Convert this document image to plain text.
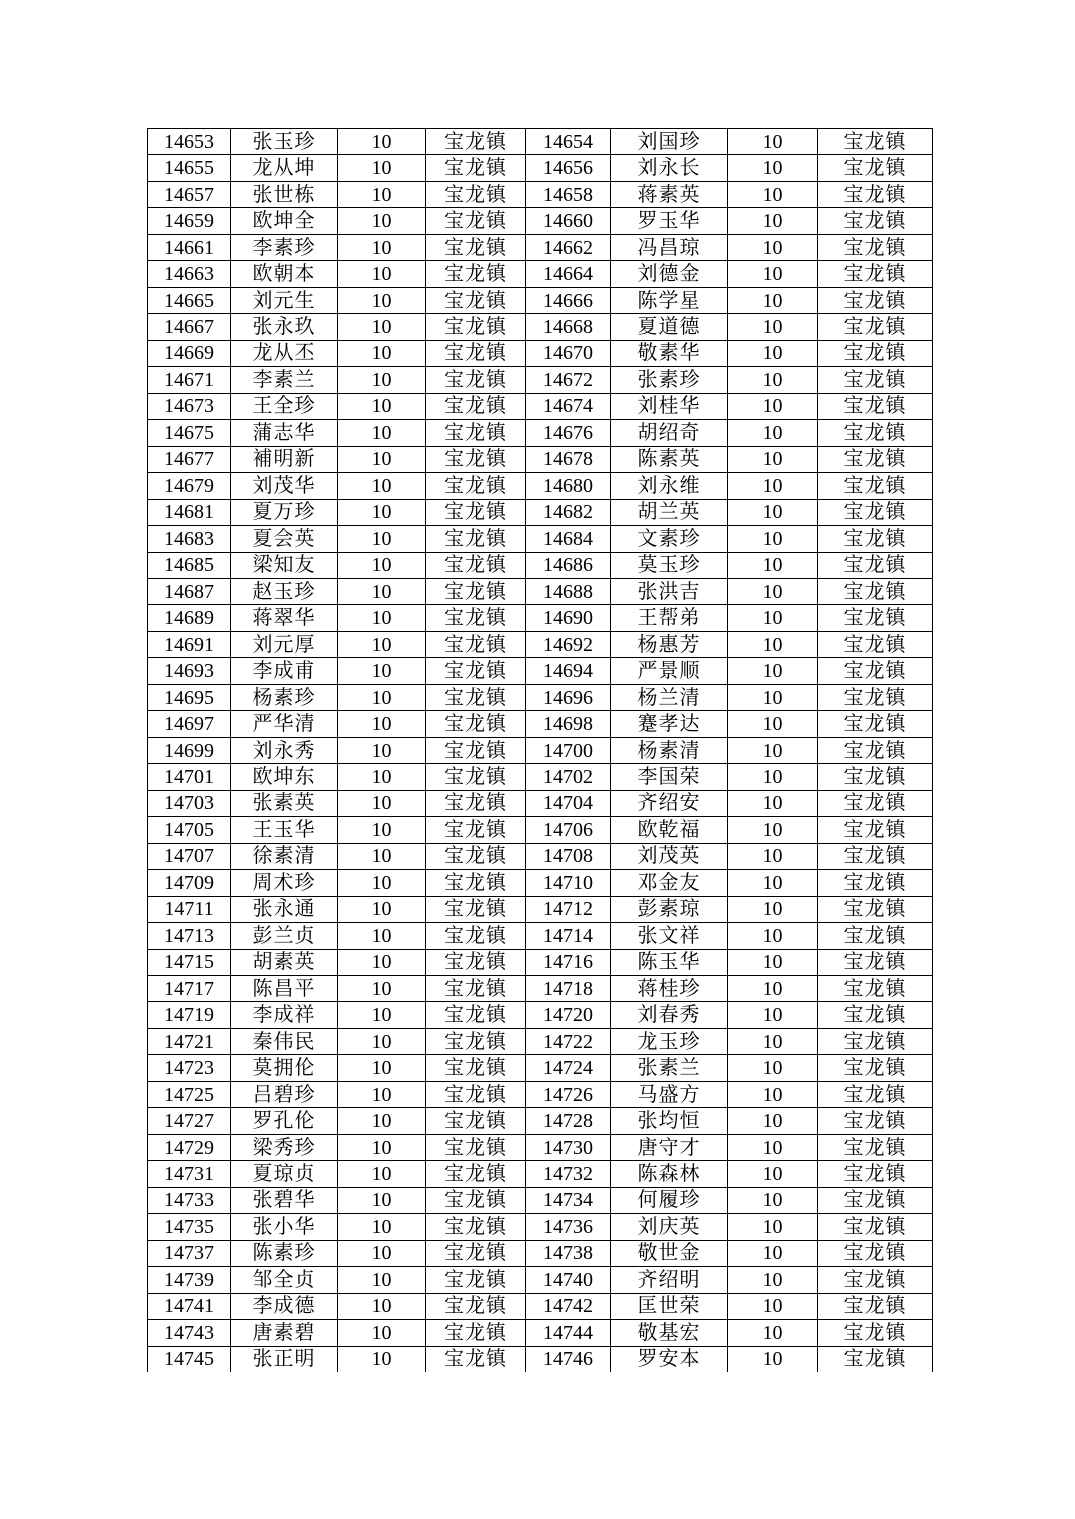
14653	张玉珍	10	宝龙镇	14654	刘国珍	10	宝龙镇
14655	龙从坤	10	宝龙镇	14656	刘永长	10	宝龙镇
14657	张世栋	10	宝龙镇	14658	蒋素英	10	宝龙镇
14659	欧坤全	10	宝龙镇	14660	罗玉华	10	宝龙镇
14661	李素珍	10	宝龙镇	14662	冯昌琼	10	宝龙镇
14663	欧朝本	10	宝龙镇	14664	刘德金	10	宝龙镇
14665	刘元生	10	宝龙镇	14666	陈学星	10	宝龙镇
14667	张永玖	10	宝龙镇	14668	夏道德	10	宝龙镇
14669	龙从丕	10	宝龙镇	14670	敬素华	10	宝龙镇
14671	李素兰	10	宝龙镇	14672	张素珍	10	宝龙镇
14673	王全珍	10	宝龙镇	14674	刘桂华	10	宝龙镇
14675	蒲志华	10	宝龙镇	14676	胡绍奇	10	宝龙镇
14677	補明新	10	宝龙镇	14678	陈素英	10	宝龙镇
14679	刘茂华	10	宝龙镇	14680	刘永维	10	宝龙镇
14681	夏万珍	10	宝龙镇	14682	胡兰英	10	宝龙镇
14683	夏会英	10	宝龙镇	14684	文素珍	10	宝龙镇
14685	梁知友	10	宝龙镇	14686	莫玉珍	10	宝龙镇
14687	赵玉珍	10	宝龙镇	14688	张洪吉	10	宝龙镇
14689	蒋翠华	10	宝龙镇	14690	王帮弟	10	宝龙镇
14691	刘元厚	10	宝龙镇	14692	杨惠芳	10	宝龙镇
14693	李成甫	10	宝龙镇	14694	严景顺	10	宝龙镇
14695	杨素珍	10	宝龙镇	14696	杨兰清	10	宝龙镇
14697	严华清	10	宝龙镇	14698	蹇孝达	10	宝龙镇
14699	刘永秀	10	宝龙镇	14700	杨素清	10	宝龙镇
14701	欧坤东	10	宝龙镇	14702	李国荣	10	宝龙镇
14703	张素英	10	宝龙镇	14704	齐绍安	10	宝龙镇
14705	王玉华	10	宝龙镇	14706	欧乾福	10	宝龙镇
14707	徐素清	10	宝龙镇	14708	刘茂英	10	宝龙镇
14709	周术珍	10	宝龙镇	14710	邓金友	10	宝龙镇
14711	张永通	10	宝龙镇	14712	彭素琼	10	宝龙镇
14713	彭兰贞	10	宝龙镇	14714	张文祥	10	宝龙镇
14715	胡素英	10	宝龙镇	14716	陈玉华	10	宝龙镇
14717	陈昌平	10	宝龙镇	14718	蒋桂珍	10	宝龙镇
14719	李成祥	10	宝龙镇	14720	刘春秀	10	宝龙镇
14721	秦伟民	10	宝龙镇	14722	龙玉珍	10	宝龙镇
14723	莫拥伦	10	宝龙镇	14724	张素兰	10	宝龙镇
14725	吕碧珍	10	宝龙镇	14726	马盛方	10	宝龙镇
14727	罗孔伦	10	宝龙镇	14728	张均恒	10	宝龙镇
14729	梁秀珍	10	宝龙镇	14730	唐守才	10	宝龙镇
14731	夏琼贞	10	宝龙镇	14732	陈森林	10	宝龙镇
14733	张碧华	10	宝龙镇	14734	何履珍	10	宝龙镇
14735	张小华	10	宝龙镇	14736	刘庆英	10	宝龙镇
14737	陈素珍	10	宝龙镇	14738	敬世金	10	宝龙镇
14739	邹全贞	10	宝龙镇	14740	齐绍明	10	宝龙镇
14741	李成德	10	宝龙镇	14742	匡世荣	10	宝龙镇
14743	唐素碧	10	宝龙镇	14744	敬基宏	10	宝龙镇
14745	张正明	10	宝龙镇	14746	罗安本	10	宝龙镇
